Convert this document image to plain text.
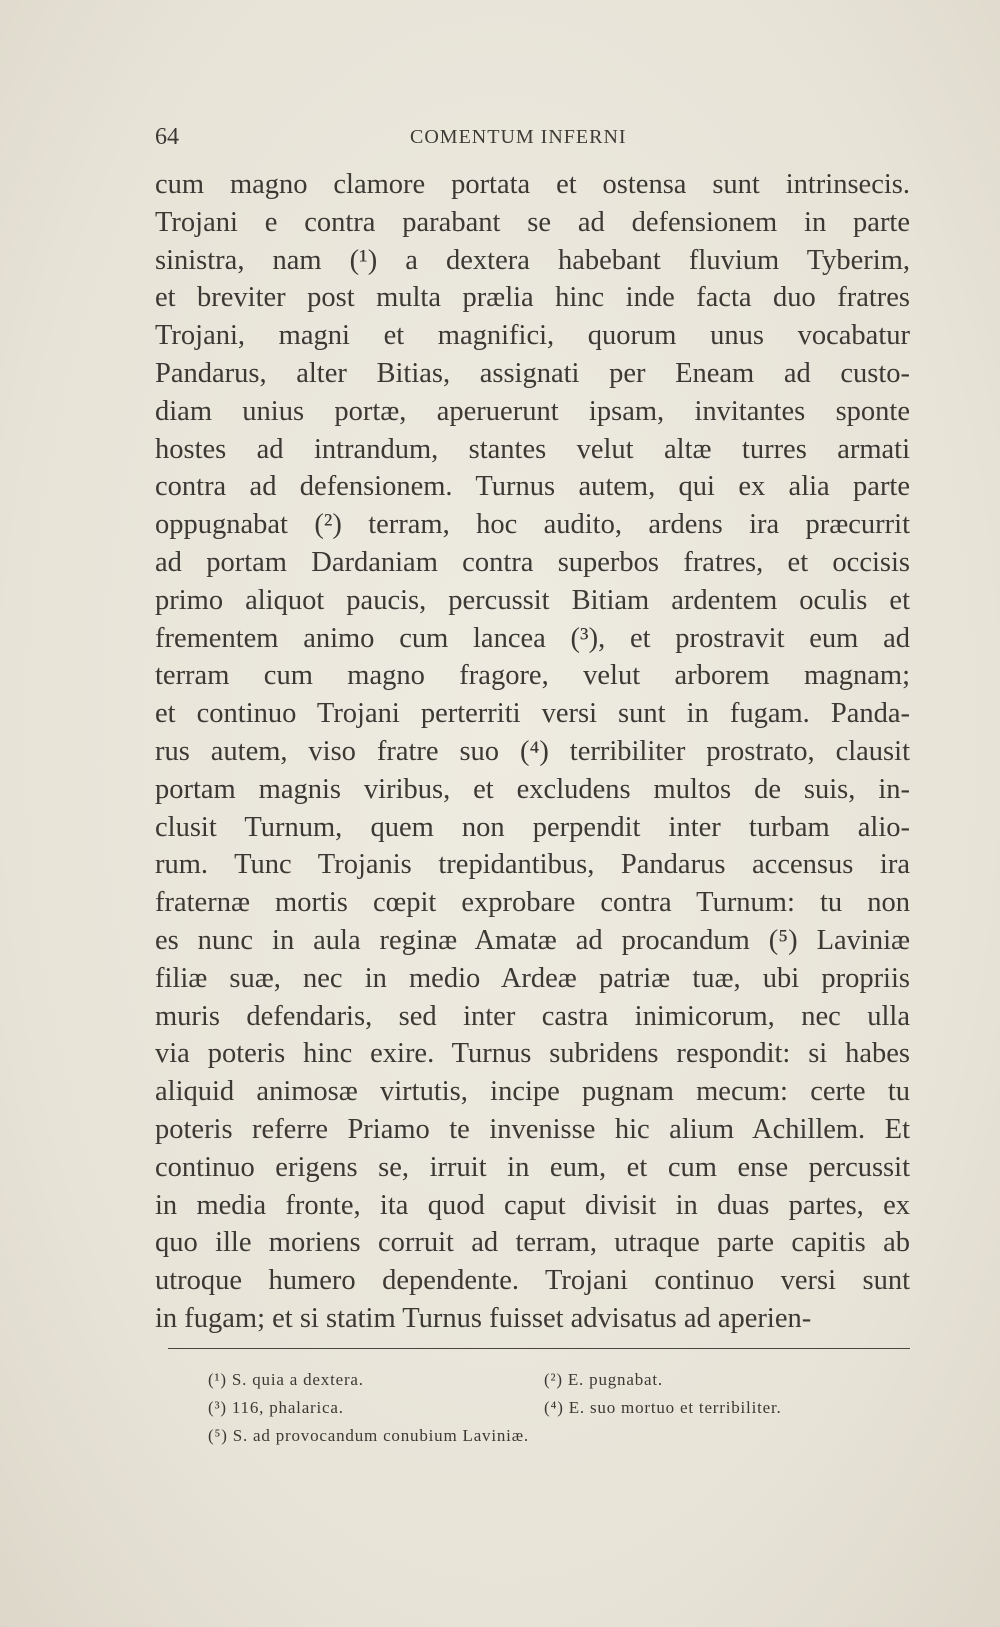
64	COMENTUM INFERNI
cum magno clamore portata et ostensa sunt intrinsecis.
Trojani e contra parabant se ad defensionem in parte
sinistra, nam (¹) a dextera habebant fluvium Tyberim,
et breviter post multa prælia hinc inde facta duo fratres
Trojani, magni et magnifici, quorum unus vocabatur
Pandarus, alter Bitias, assignati per Eneam ad custo-
diam unius portæ, aperuerunt ipsam, invitantes sponte
hostes ad intrandum, stantes velut altæ turres armati
contra ad defensionem. Turnus autem, qui ex alia parte
oppugnabat (²) terram, hoc audito, ardens ira præcurrit
ad portam Dardaniam contra superbos fratres, et occisis
primo aliquot paucis, percussit Bitiam ardentem oculis et
frementem animo cum lancea (³), et prostravit eum ad
terram cum magno fragore, velut arborem magnam;
et continuo Trojani perterriti versi sunt in fugam. Panda-
rus autem, viso fratre suo (⁴) terribiliter prostrato, clausit
portam magnis viribus, et excludens multos de suis, in-
clusit Turnum, quem non perpendit inter turbam alio-
rum. Tunc Trojanis trepidantibus, Pandarus accensus ira
fraternæ mortis cœpit exprobare contra Turnum: tu non
es nunc in aula reginæ Amatæ ad procandum (⁵) Laviniæ
filiæ suæ, nec in medio Ardeæ patriæ tuæ, ubi propriis
muris defendaris, sed inter castra inimicorum, nec ulla
via poteris hinc exire. Turnus subridens respondit: si habes
aliquid animosæ virtutis, incipe pugnam mecum: certe tu
poteris referre Priamo te invenisse hic alium Achillem. Et
continuo erigens se, irruit in eum, et cum ense percussit
in media fronte, ita quod caput divisit in duas partes, ex
quo ille moriens corruit ad terram, utraque parte capitis ab
utroque humero dependente. Trojani continuo versi sunt
in fugam; et si statim Turnus fuisset advisatus ad aperien-
(¹) S. quia a dextera.	(²) E. pugnabat.
(³) 116, phalarica.	(⁴) E. suo mortuo et terribiliter.
(⁵) S. ad provocandum conubium Laviniæ.
